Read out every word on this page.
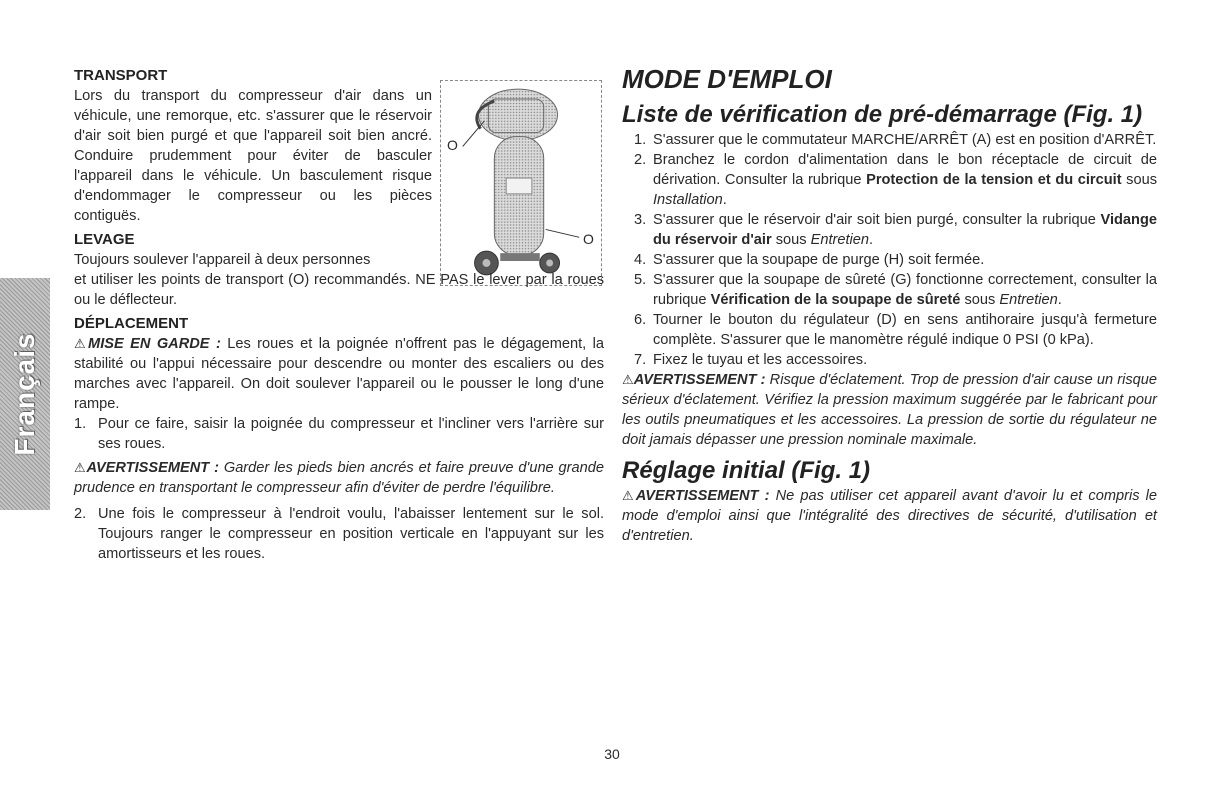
Français
O
O
TRANSPORT

Lors du transport du compresseur d'air dans un véhicule, une remorque, etc. s'assurer que le réservoir d'air soit bien purgé et que l'appareil soit bien ancré. Conduire prudemment pour éviter de basculer l'appareil dans le véhicule. Un basculement risque d'endommager le compresseur ou les pièces contiguës.

LEVAGE

Toujours soulever l'appareil à deux personnes

et utiliser les points de transport (O) recommandés. NE PAS le lever par la roues ou le déflecteur.

DÉPLACEMENT

⚠MISE EN GARDE : Les roues et la poignée n'offrent pas le dégagement, la stabilité ou l'appui nécessaire pour descendre ou monter des escaliers ou des marches avec l'appareil. On doit soulever l'appareil ou le pousser le long d'une rampe.

1. Pour ce faire, saisir la poignée du compresseur et l'incliner vers l'arrière sur ses roues.

⚠AVERTISSEMENT : Garder les pieds bien ancrés et faire preuve d'une grande prudence en transportant le compresseur afin d'éviter de perdre l'équilibre.

2. Une fois le compresseur à l'endroit voulu, l'abaisser lentement sur le sol. Toujours ranger le compresseur en position verticale en l'appuyant sur les amortisseurs et les roues.
MODE D'EMPLOI
Liste de vérification de pré-démarrage (Fig. 1)
1. S'assurer que le commutateur MARCHE/ARRÊT (A) est en position d'ARRÊT.
2. Branchez le cordon d'alimentation dans le bon réceptacle de circuit de dérivation. Consulter la rubrique Protection de la tension et du circuit sous Installation.
3. S'assurer que le réservoir d'air soit bien purgé, consulter la rubrique Vidange du réservoir d'air sous Entretien.
4. S'assurer que la soupape de purge (H) soit fermée.
5. S'assurer que la soupape de sûreté (G) fonctionne correctement, consulter la rubrique Vérification de la soupape de sûreté sous Entretien.
6. Tourner le bouton du régulateur (D) en sens antihoraire jusqu'à fermeture complète. S'assurer que le manomètre régulé indique 0 PSI (0 kPa).
7. Fixez le tuyau et les accessoires.

⚠AVERTISSEMENT : Risque d'éclatement. Trop de pression d'air cause un risque sérieux d'éclatement. Vérifiez la pression maximum suggérée par le fabricant pour les outils pneumatiques et les accessoires. La pression de sortie du régulateur ne doit jamais dépasser une pression nominale maximale.

Réglage initial (Fig. 1)

⚠AVERTISSEMENT : Ne pas utiliser cet appareil avant d'avoir lu et compris le mode d'emploi ainsi que l'intégralité des directives de sécurité, d'utilisation et d'entretien.

30
